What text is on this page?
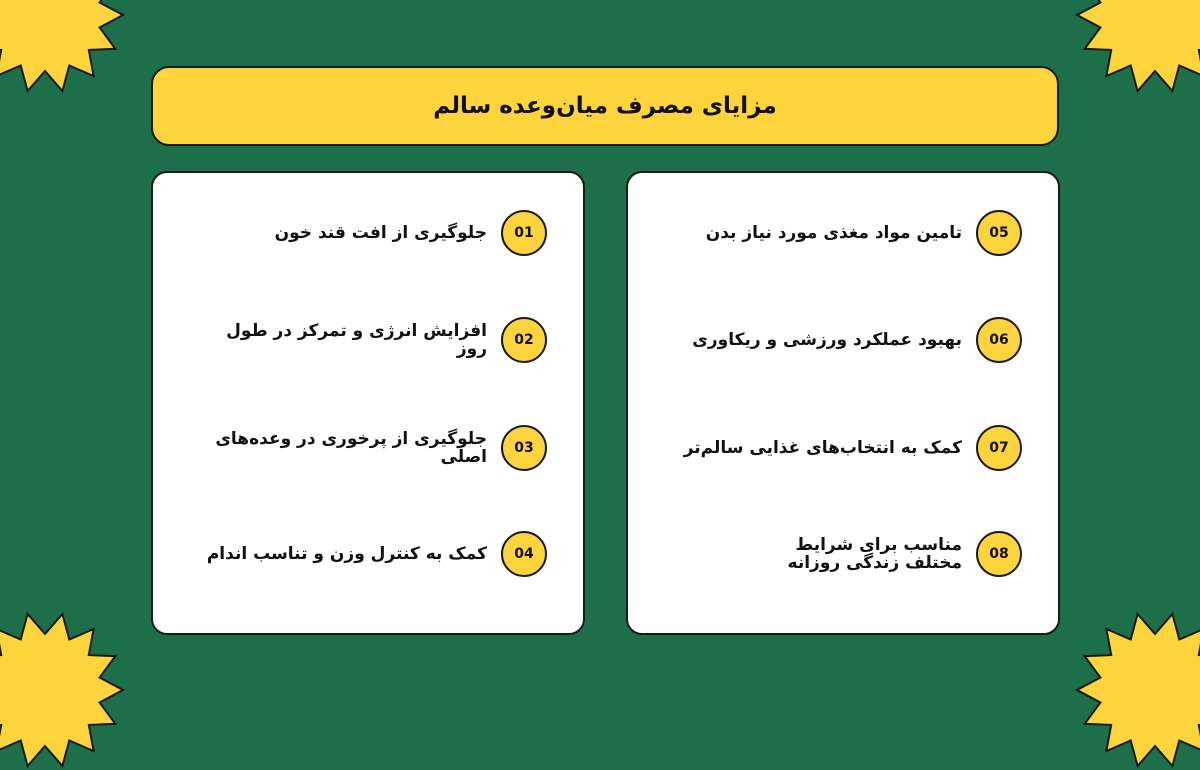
مزایای مصرف میان‌وعده سالم
01
جلوگیری از افت قند خون
02
افزایش انرژی و تمرکز در طول روز
03
جلوگیری از پرخوری در وعده‌های اصلی
04
کمک به کنترل وزن و تناسب اندام
05
تامین مواد مغذی مورد نیاز بدن
06
بهبود عملکرد ورزشی و ریکاوری
07
کمک به انتخاب‌های غذایی سالم‌تر
08
مناسب برای شرایط مختلف زندگی روزانه
